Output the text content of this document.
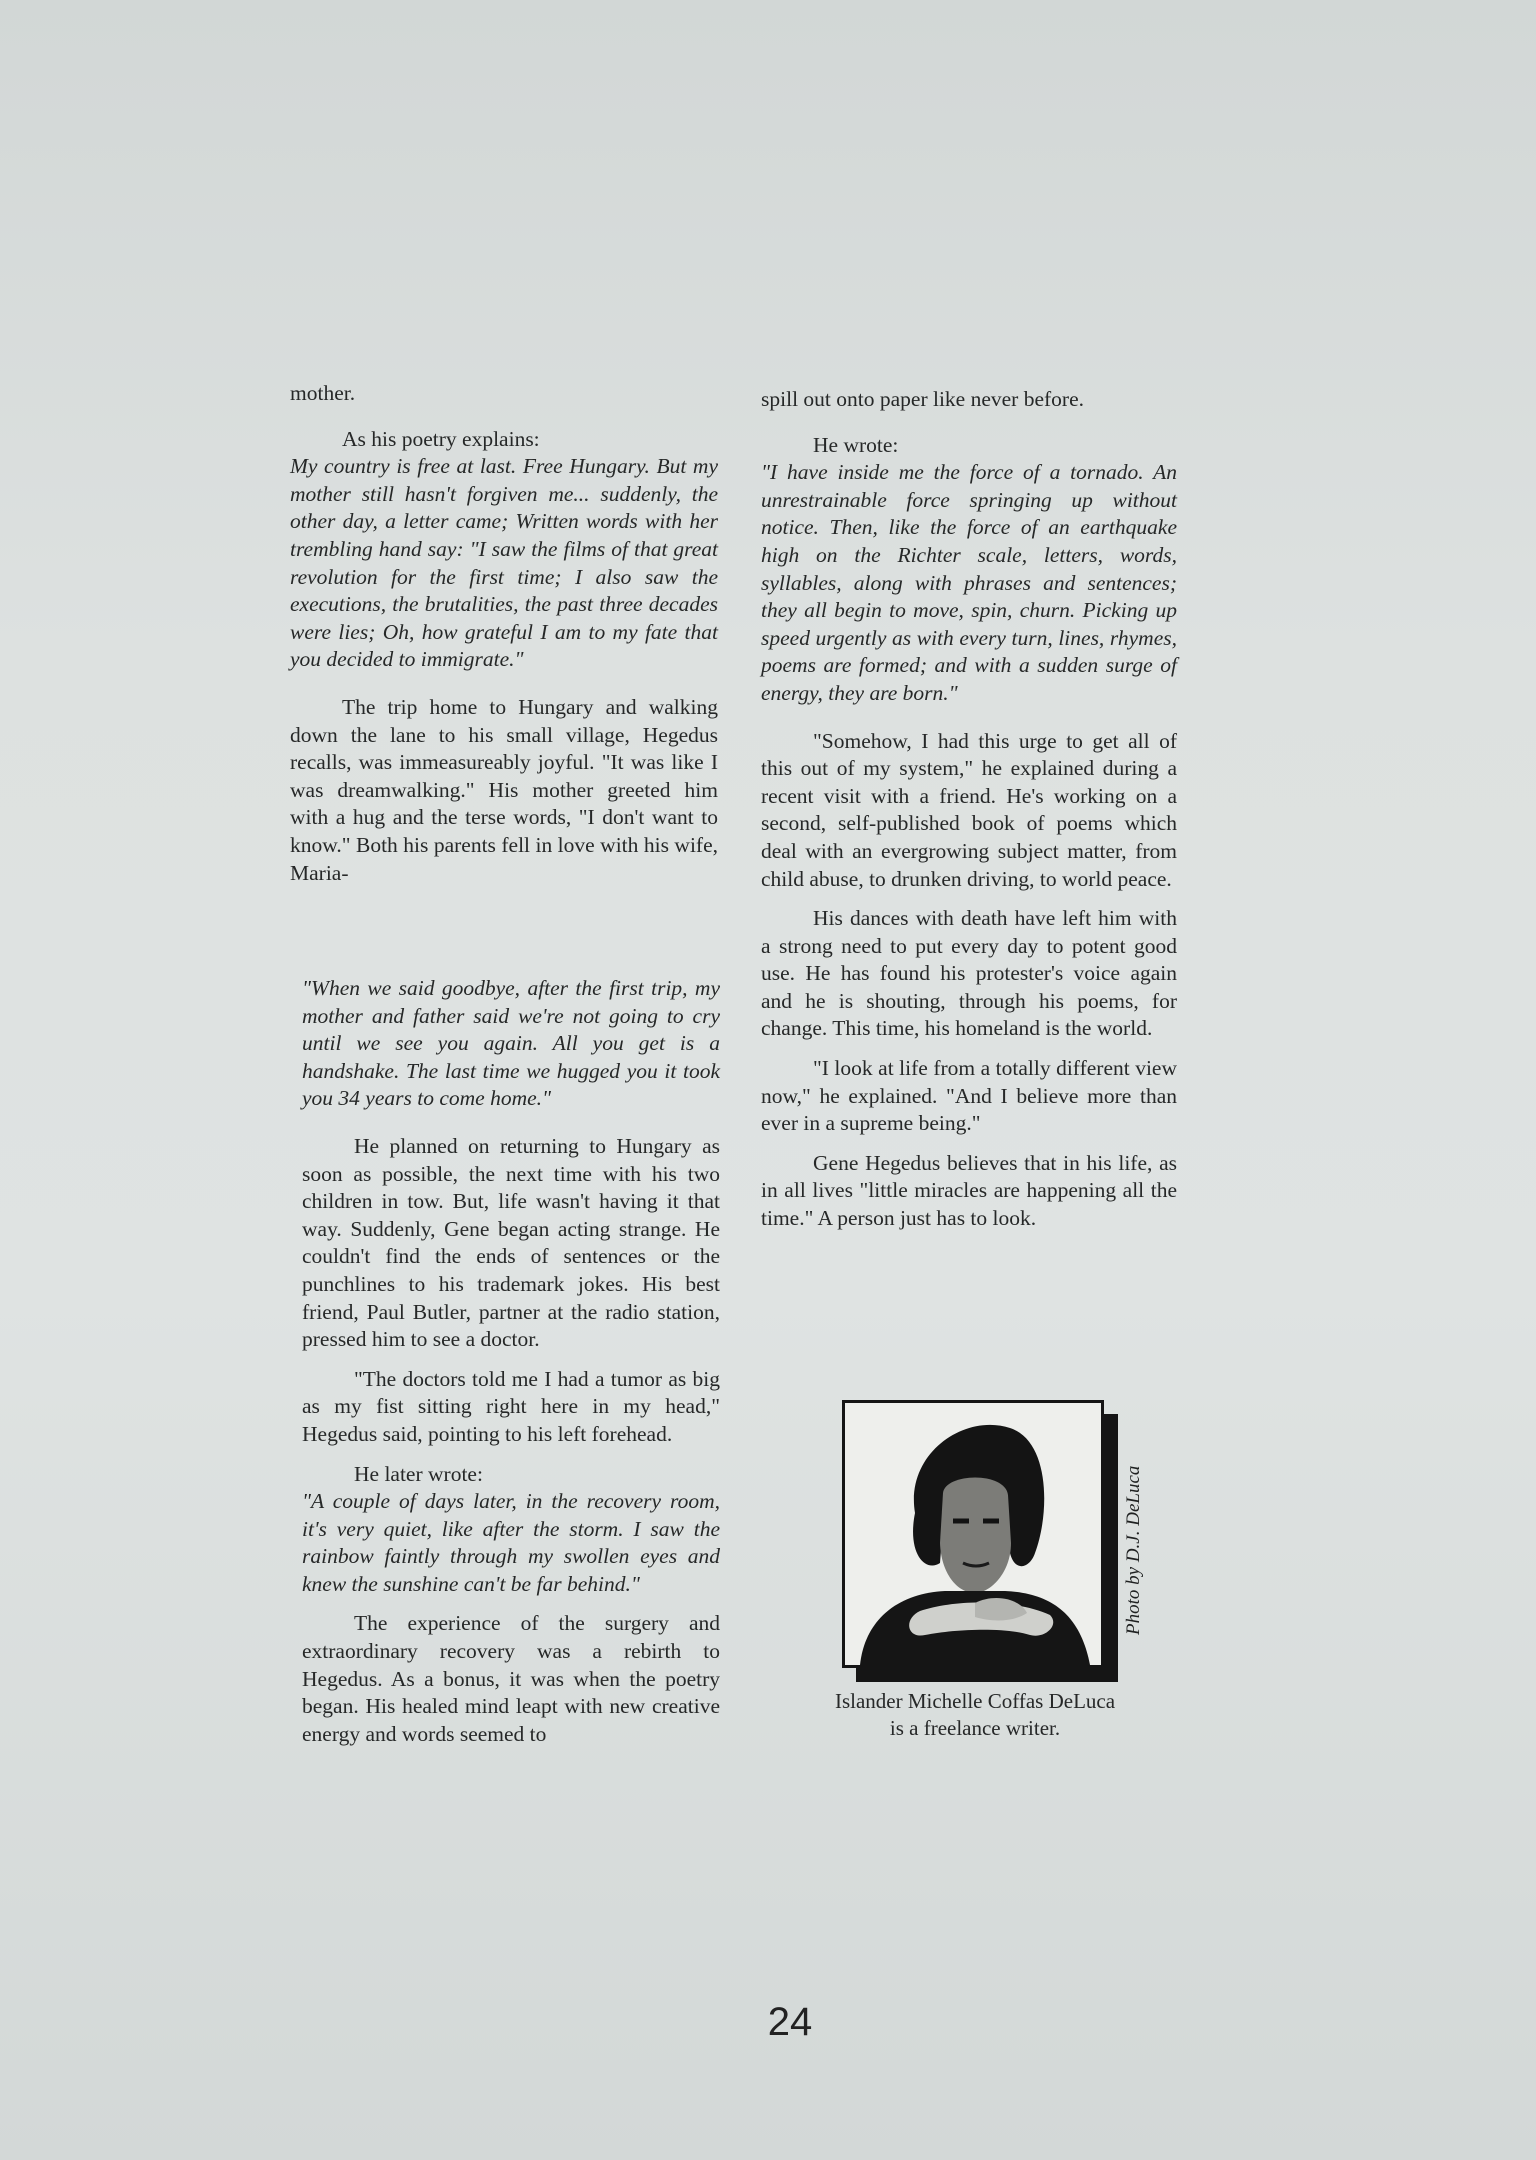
mother.

As his poetry explains:

My country is free at last. Free Hungary. But my mother still hasn't forgiven me... suddenly, the other day, a letter came; Written words with her trembling hand say: "I saw the films of that great revolution for the first time; I also saw the executions, the brutalities, the past three decades were lies; Oh, how grateful I am to my fate that you decided to immigrate."

The trip home to Hungary and walking down the lane to his small village, Hegedus recalls, was immeasureably joyful. "It was like I was dreamwalking." His mother greeted him with a hug and the terse words, "I don't want to know." Both his parents fell in love with his wife, Maria-

"When we said goodbye, after the first trip, my mother and father said we're not going to cry until we see you again. All you get is a handshake. The last time we hugged you it took you 34 years to come home."

He planned on returning to Hungary as soon as possible, the next time with his two children in tow. But, life wasn't having it that way. Suddenly, Gene began acting strange. He couldn't find the ends of sentences or the punchlines to his trademark jokes. His best friend, Paul Butler, partner at the radio station, pressed him to see a doctor.

"The doctors told me I had a tumor as big as my fist sitting right here in my head," Hegedus said, pointing to his left forehead.

He later wrote:

"A couple of days later, in the recovery room, it's very quiet, like after the storm. I saw the rainbow faintly through my swollen eyes and knew the sunshine can't be far behind."

The experience of the surgery and extraordinary recovery was a rebirth to Hegedus. As a bonus, it was when the poetry began. His healed mind leapt with new creative energy and words seemed to

spill out onto paper like never before.

He wrote:

"I have inside me the force of a tornado. An unrestrainable force springing up without notice. Then, like the force of an earthquake high on the Richter scale, letters, words, syllables, along with phrases and sentences; they all begin to move, spin, churn. Picking up speed urgently as with every turn, lines, rhymes, poems are formed; and with a sudden surge of energy, they are born."

"Somehow, I had this urge to get all of this out of my system," he explained during a recent visit with a friend. He's working on a second, self-published book of poems which deal with an evergrowing subject matter, from child abuse, to drunken driving, to world peace.

His dances with death have left him with a strong need to put every day to potent good use. He has found his protester's voice again and he is shouting, through his poems, for change. This time, his homeland is the world.

"I look at life from a totally different view now," he explained. "And I believe more than ever in a supreme being."

Gene Hegedus believes that in his life, as in all lives "little miracles are happening all the time." A person just has to look.

Photo by D.J. DeLuca
Islander Michelle Coffas DeLuca
is a freelance writer.
24
